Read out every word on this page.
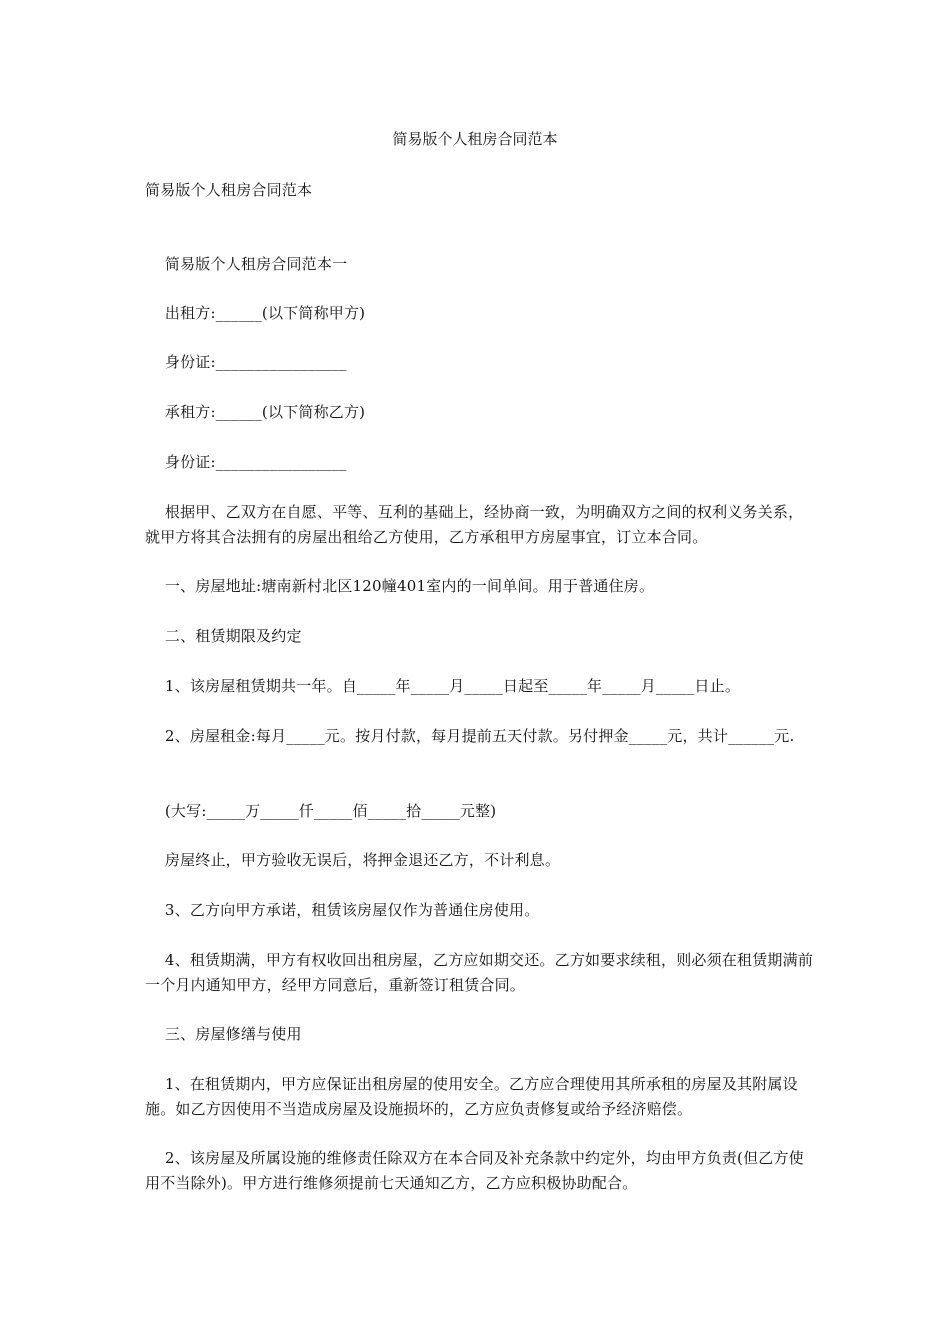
简易版个人租房合同范本

简易版个人租房合同范本

简易版个人租房合同范本一

出租方:______(以下简称甲方)

身份证:_________________

承租方:______(以下简称乙方)

身份证:_________________

根据甲、乙双方在自愿、平等、互利的基础上，经协商一致，为明确双方之间的权利义务关系，就甲方将其合法拥有的房屋出租给乙方使用，乙方承租甲方房屋事宜，订立本合同。

一、房屋地址:塘南新村北区120幢401室内的一间单间。用于普通住房。

二、租赁期限及约定

1、该房屋租赁期共一年。自_____年_____月_____日起至_____年_____月_____日止。

2、房屋租金:每月_____元。按月付款，每月提前五天付款。另付押金_____元，共计______元.

(大写:_____万_____仟_____佰_____拾_____元整)

房屋终止，甲方验收无误后，将押金退还乙方，不计利息。

3、乙方向甲方承诺，租赁该房屋仅作为普通住房使用。

4、租赁期满，甲方有权收回出租房屋，乙方应如期交还。乙方如要求续租，则必须在租赁期满前一个月内通知甲方，经甲方同意后，重新签订租赁合同。

三、房屋修缮与使用

1、在租赁期内，甲方应保证出租房屋的使用安全。乙方应合理使用其所承租的房屋及其附属设施。如乙方因使用不当造成房屋及设施损坏的，乙方应负责修复或给予经济赔偿。

2、该房屋及所属设施的维修责任除双方在本合同及补充条款中约定外，均由甲方负责(但乙方使用不当除外)。甲方进行维修须提前七天通知乙方，乙方应积极协助配合。
